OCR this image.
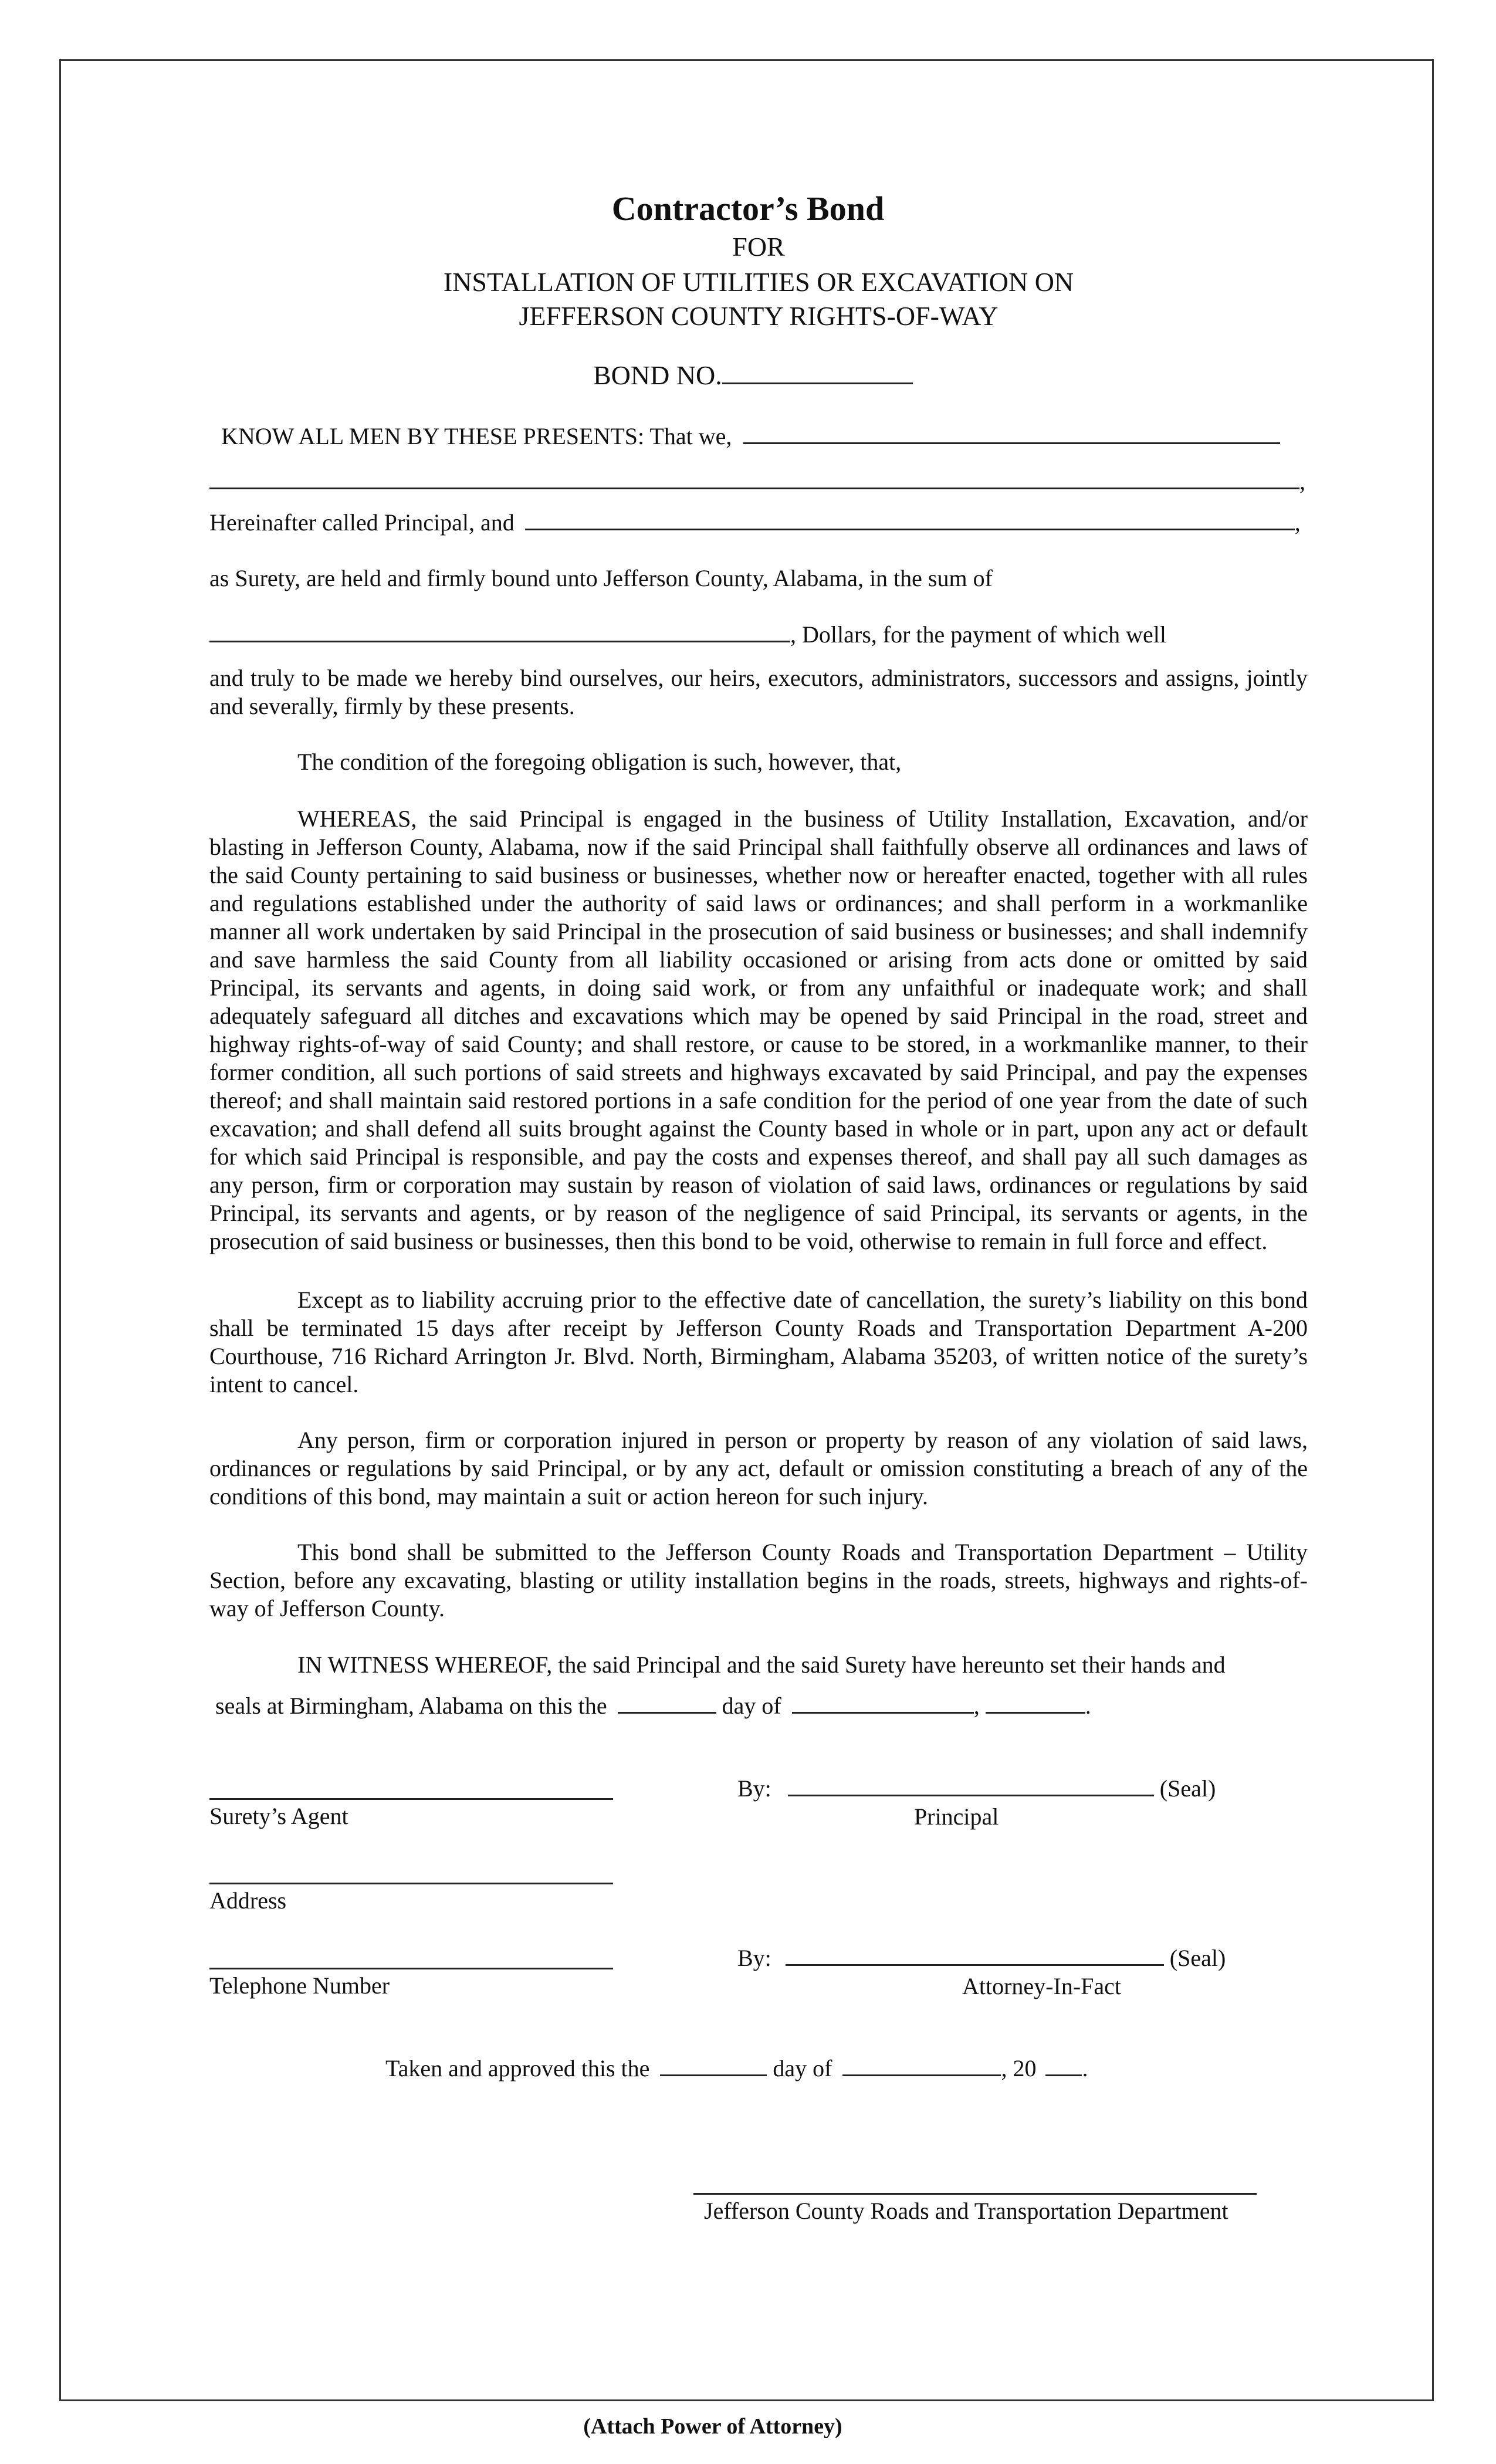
Contractor’s Bond
FOR
INSTALLATION OF UTILITIES OR EXCAVATION ON
JEFFERSON COUNTY RIGHTS-OF-WAY
BOND NO.
KNOW ALL MEN BY THESE PRESENTS: That we,
,
Hereinafter called Principal, and	,
as Surety, are held and firmly bound unto Jefferson County, Alabama, in the sum of
, Dollars, for the payment of which well
and truly to be made we hereby bind ourselves, our heirs, executors, administrators, successors and assigns, jointly and severally, firmly by these presents.
The condition of the foregoing obligation is such, however, that,
WHEREAS, the said Principal is engaged in the business of Utility Installation, Excavation, and/or blasting in Jefferson County, Alabama, now if the said Principal shall faithfully observe all ordinances and laws of the said County pertaining to said business or businesses, whether now or hereafter enacted, together with all rules and regulations established under the authority of said laws or ordinances; and shall perform in a workmanlike manner all work undertaken by said Principal in the prosecution of said business or businesses; and shall indemnify and save harmless the said County from all liability occasioned or arising from acts done or omitted by said Principal, its servants and agents, in doing said work, or from any unfaithful or inadequate work; and shall adequately safeguard all ditches and excavations which may be opened by said Principal in the road, street and highway rights-of-way of said County; and shall restore, or cause to be stored, in a workmanlike manner, to their former condition, all such portions of said streets and highways excavated by said Principal, and pay the expenses thereof; and shall maintain said restored portions in a safe condition for the period of one year from the date of such excavation; and shall defend all suits brought against the County based in whole or in part, upon any act or default for which said Principal is responsible, and pay the costs and expenses thereof, and shall pay all such damages as any person, firm or corporation may sustain by reason of violation of said laws, ordinances or regulations by said Principal, its servants and agents, or by reason of the negligence of said Principal, its servants or agents, in the prosecution of said business or businesses, then this bond to be void, otherwise to remain in full force and effect.
Except as to liability accruing prior to the effective date of cancellation, the surety’s liability on this bond shall be terminated 15 days after receipt by Jefferson County Roads and Transportation Department A-200 Courthouse, 716 Richard Arrington Jr. Blvd. North, Birmingham, Alabama 35203, of written notice of the surety’s intent to cancel.
Any person, firm or corporation injured in person or property by reason of any violation of said laws, ordinances or regulations by said Principal, or by any act, default or omission constituting a breach of any of the conditions of this bond, may maintain a suit or action hereon for such injury.
This bond shall be submitted to the Jefferson County Roads and Transportation Department – Utility Section, before any excavating, blasting or utility installation begins in the roads, streets, highways and rights-of-way of Jefferson County.
IN WITNESS WHEREOF, the said Principal and the said Surety have hereunto set their hands and
seals at Birmingham, Alabama on this the	day of	,	.
Surety’s Agent
By:	(Seal)
Principal
Address
Telephone Number
By:	(Seal)
Attorney-In-Fact
Taken and approved this the	day of	, 20 .
Jefferson County Roads and Transportation Department
(Attach Power of Attorney)
